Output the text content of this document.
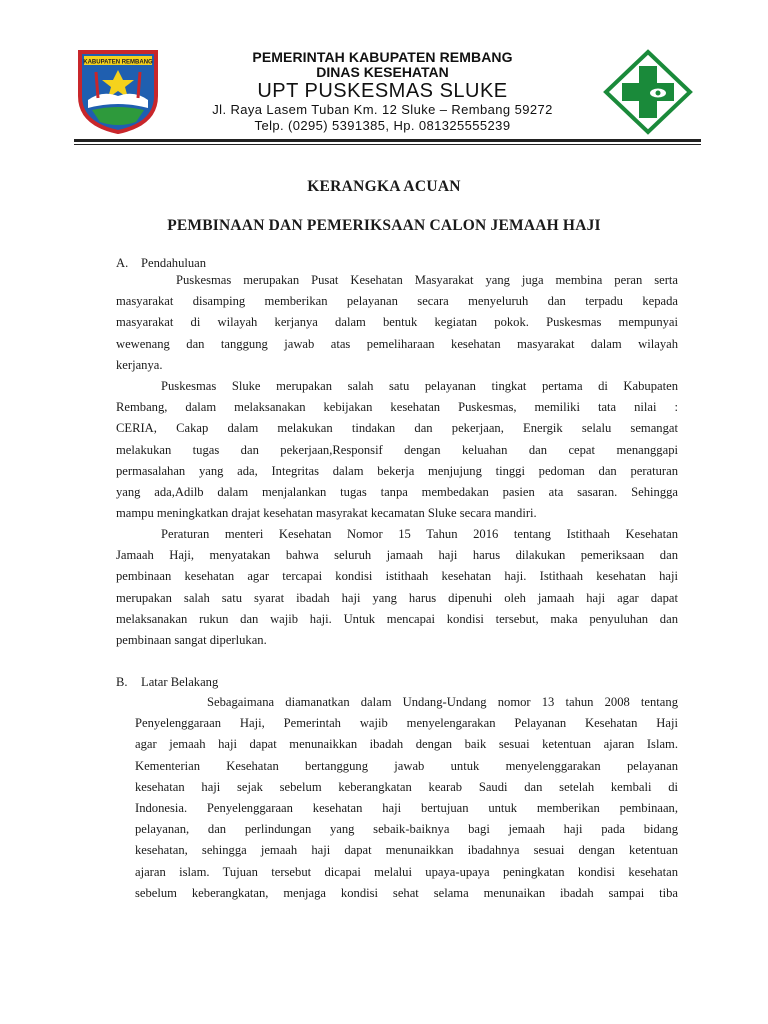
KABUPATEN REMBANG	PEMERINTAH KABUPATEN REMBANG
DINAS KESEHATAN
UPT PUSKESMAS SLUKE
Jl. Raya Lasem Tuban Km. 12 Sluke – Rembang 59272
Telp. (0295) 5391385, Hp. 081325555239
KERANGKA ACUAN
PEMBINAAN DAN PEMERIKSAAN CALON JEMAAH HAJI
A. Pendahuluan
Puskesmas merupakan Pusat Kesehatan Masyarakat yang juga membina peran serta
masyarakat disamping memberikan pelayanan secara menyeluruh dan terpadu kepada
masyarakat di wilayah kerjanya dalam bentuk kegiatan pokok. Puskesmas mempunyai
wewenang dan tanggung jawab atas pemeliharaan kesehatan masyarakat dalam wilayah
kerjanya.
Puskesmas Sluke merupakan salah satu pelayanan tingkat pertama di Kabupaten
Rembang, dalam melaksanakan kebijakan kesehatan Puskesmas, memiliki tata nilai :
CERIA, Cakap dalam melakukan tindakan dan pekerjaan, Energik selalu semangat
melakukan tugas dan pekerjaan,Responsif dengan keluahan dan cepat menanggapi
permasalahan yang ada, Integritas dalam bekerja menjujung tinggi pedoman dan peraturan
yang ada,Adilb dalam menjalankan tugas tanpa membedakan pasien ata sasaran. Sehingga
mampu meningkatkan drajat kesehatan masyrakat kecamatan Sluke secara mandiri.
Peraturan menteri Kesehatan Nomor 15 Tahun 2016 tentang Istithaah Kesehatan
Jamaah Haji, menyatakan bahwa seluruh jamaah haji harus dilakukan pemeriksaan dan
pembinaan kesehatan agar tercapai kondisi istithaah kesehatan haji. Istithaah kesehatan haji
merupakan salah satu syarat ibadah haji yang harus dipenuhi oleh jamaah haji agar dapat
melaksanakan rukun dan wajib haji. Untuk mencapai kondisi tersebut, maka penyuluhan dan
pembinaan sangat diperlukan.
B. Latar Belakang
Sebagaimana diamanatkan dalam Undang-Undang nomor 13 tahun 2008 tentang
Penyelenggaraan Haji, Pemerintah wajib menyelengarakan Pelayanan Kesehatan Haji
agar jemaah haji dapat menunaikkan ibadah dengan baik sesuai ketentuan ajaran Islam.
Kementerian Kesehatan bertanggung jawab untuk menyelenggarakan pelayanan
kesehatan haji sejak sebelum keberangkatan kearab Saudi dan setelah kembali di
Indonesia. Penyelenggaraan kesehatan haji bertujuan untuk memberikan pembinaan,
pelayanan, dan perlindungan yang sebaik-baiknya bagi jemaah haji pada bidang
kesehatan, sehingga jemaah haji dapat menunaikkan ibadahnya sesuai dengan ketentuan
ajaran islam. Tujuan tersebut dicapai melalui upaya-upaya peningkatan kondisi kesehatan
sebelum keberangkatan, menjaga kondisi sehat selama menunaikan ibadah sampai tiba
